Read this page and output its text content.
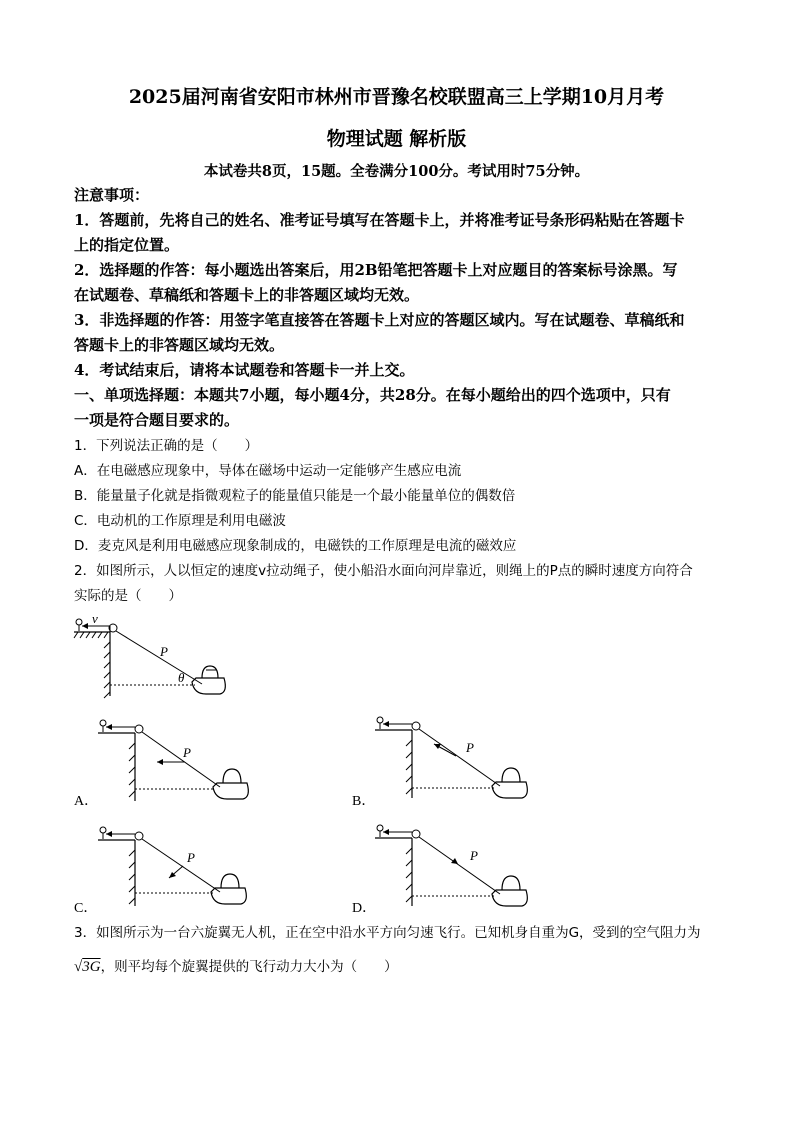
2025届河南省安阳市林州市晋豫名校联盟高三上学期10月月考
物理试题 解析版
本试卷共8页，15题。全卷满分100分。考试用时75分钟。
注意事项：
1．答题前，先将自己的姓名、准考证号填写在答题卡上，并将准考证号条形码粘贴在答题卡
上的指定位置。
2．选择题的作答：每小题选出答案后，用2B铅笔把答题卡上对应题目的答案标号涂黑。写
在试题卷、草稿纸和答题卡上的非答题区域均无效。
3．非选择题的作答：用签字笔直接答在答题卡上对应的答题区域内。写在试题卷、草稿纸和
答题卡上的非答题区域均无效。
4．考试结束后，请将本试题卷和答题卡一并上交。
一、单项选择题：本题共7小题，每小题4分，共28分。在每小题给出的四个选项中，只有
一项是符合题目要求的。
1．下列说法正确的是（　　）
A．在电磁感应现象中，导体在磁场中运动一定能够产生感应电流
B．能量量子化就是指微观粒子的能量值只能是一个最小能量单位的偶数倍
C．电动机的工作原理是利用电磁波
D．麦克风是利用电磁感应现象制成的，电磁铁的工作原理是电流的磁效应
2．如图所示，人以恒定的速度v拉动绳子，使小船沿水面向河岸靠近，则绳上的P点的瞬时速度方向符合
实际的是（　　）
v
P
θ
P
A．
P
B．
P
C．
P
D．
3．如图所示为一台六旋翼无人机，正在空中沿水平方向匀速飞行。已知机身自重为G，受到的空气阻力为
√3G，则平均每个旋翼提供的飞行动力大小为（　　）
